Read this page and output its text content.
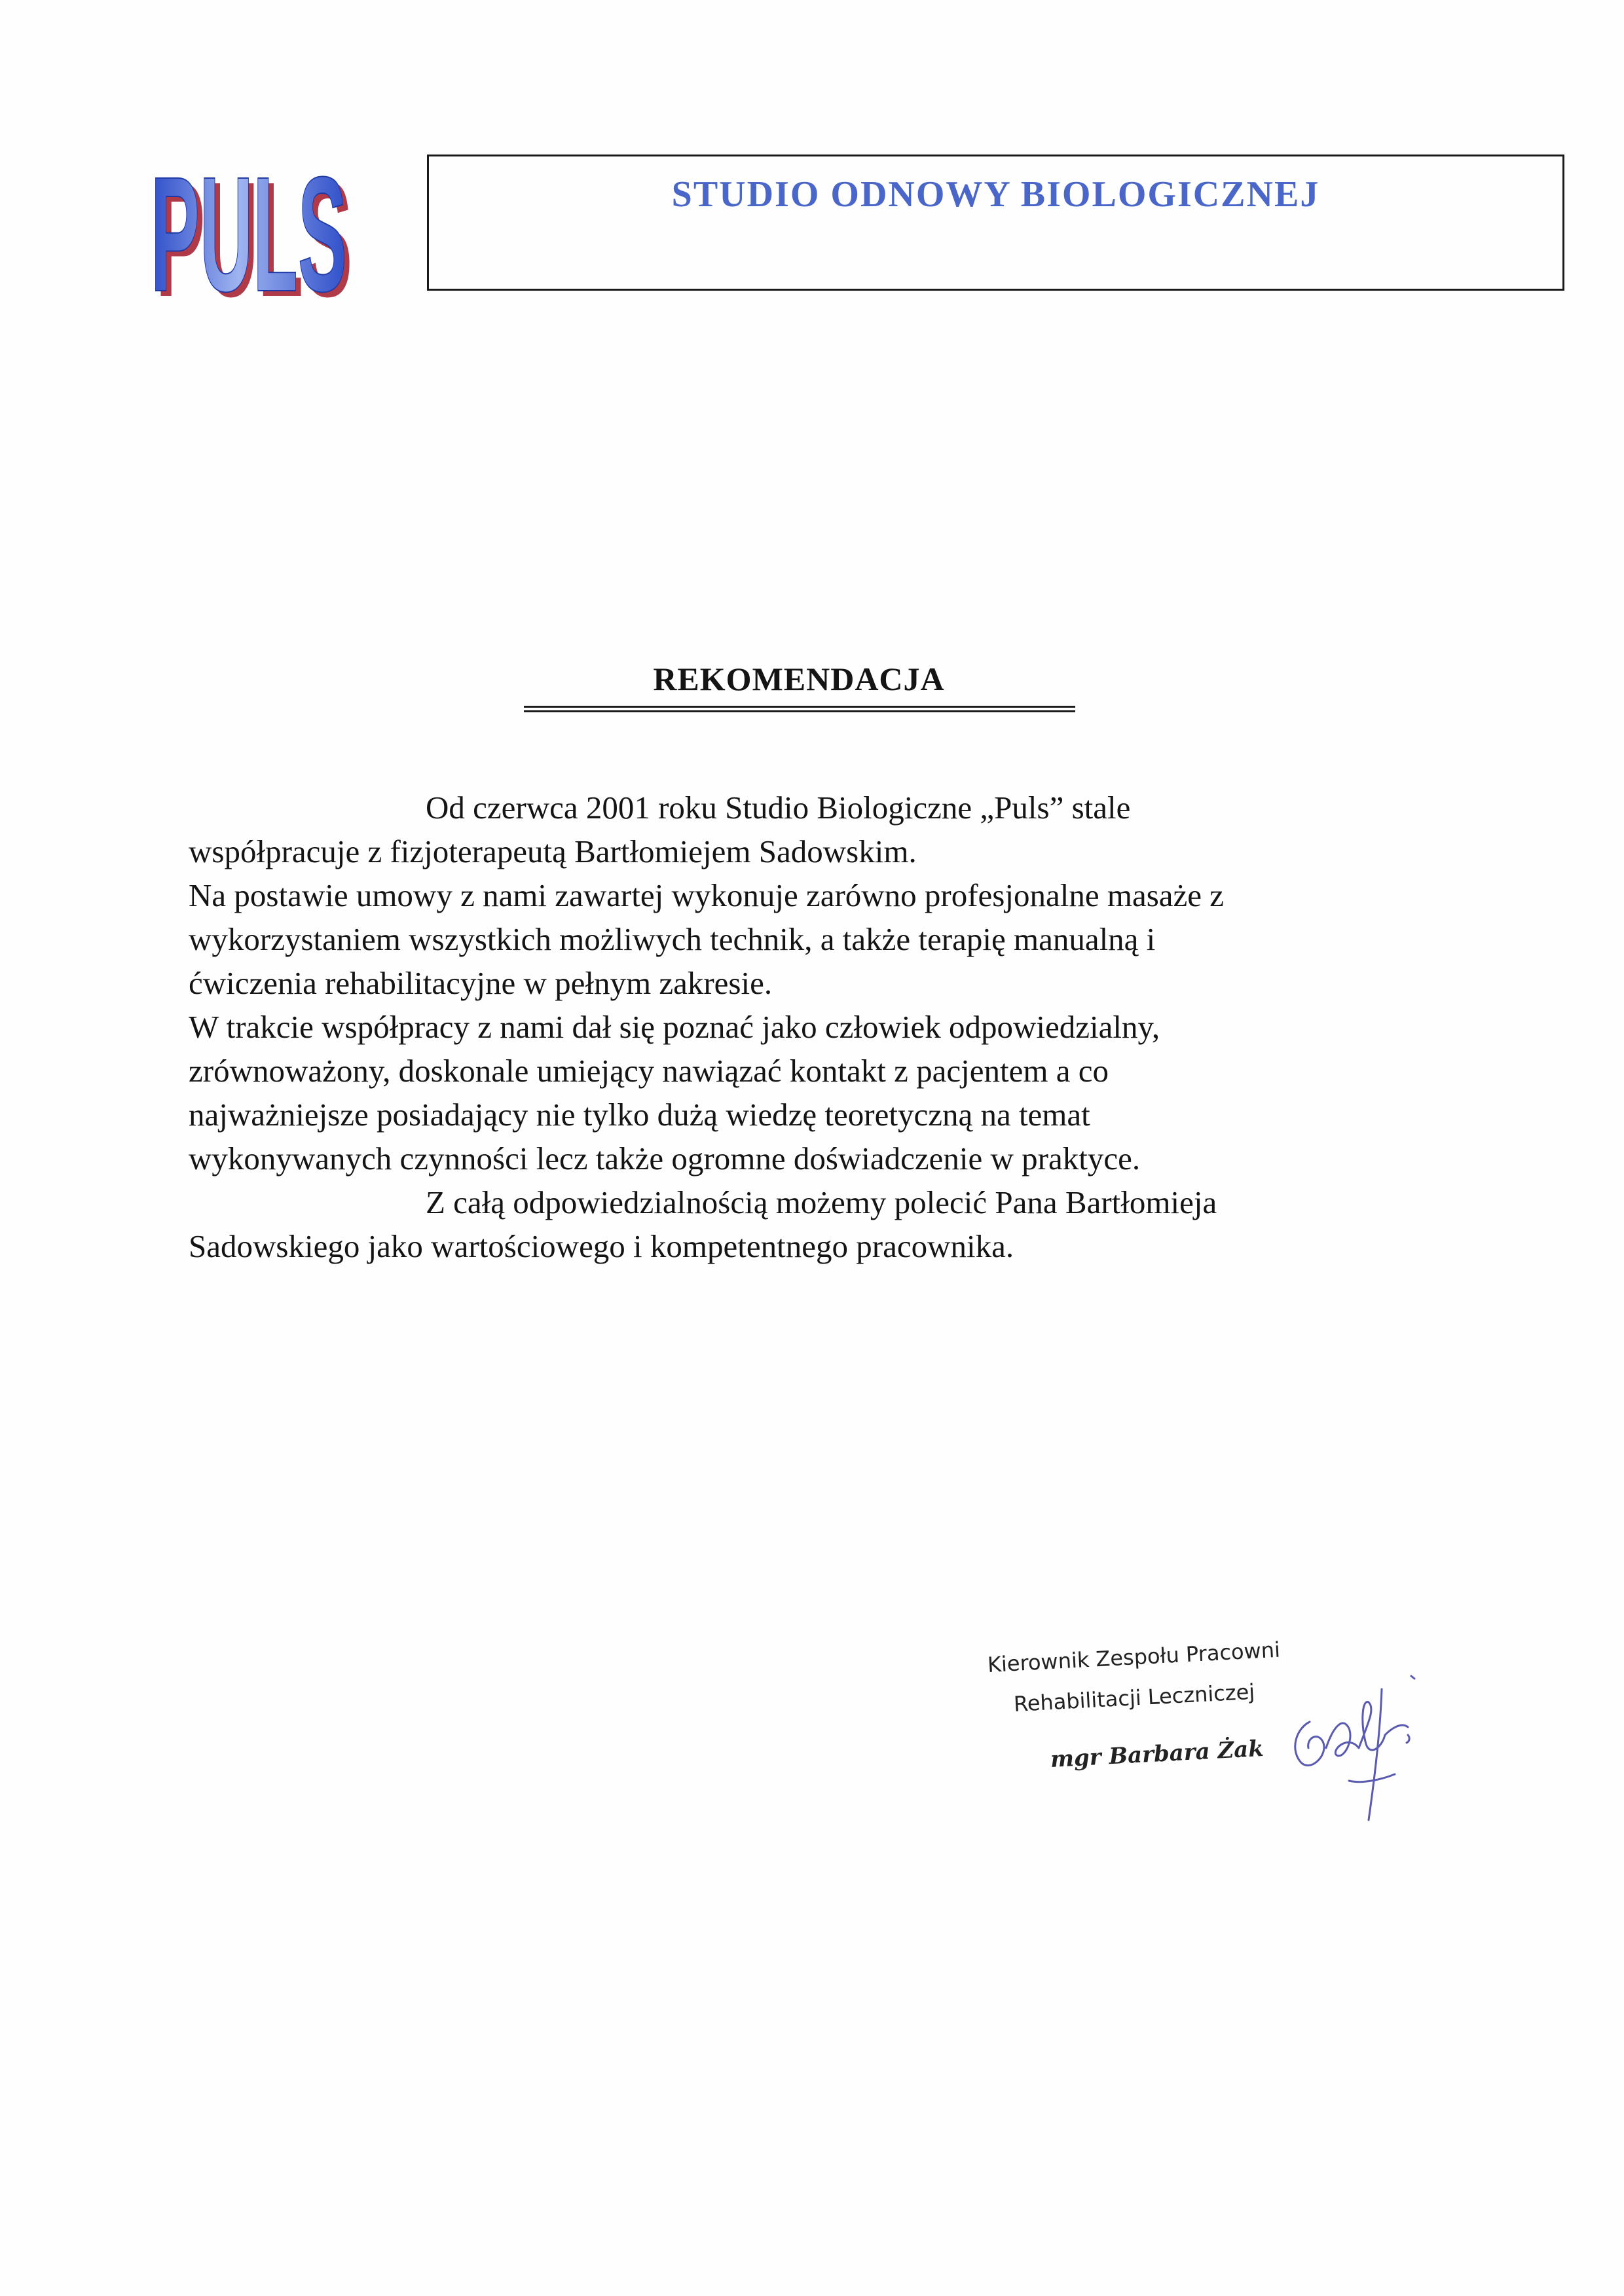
PULS
PULS	STUDIO ODNOWY BIOLOGICZNEJ
REKOMENDACJA
Od czerwca 2001 roku Studio Biologiczne „Puls” stale
współpracuje z fizjoterapeutą Bartłomiejem Sadowskim.
Na postawie umowy z nami zawartej wykonuje zarówno profesjonalne masaże z
wykorzystaniem wszystkich możliwych technik, a także terapię manualną i
ćwiczenia rehabilitacyjne w pełnym zakresie.
W trakcie współpracy z nami dał się poznać jako człowiek odpowiedzialny,
zrównoważony, doskonale umiejący nawiązać kontakt z pacjentem a co
najważniejsze posiadający nie tylko dużą wiedzę teoretyczną na temat
wykonywanych czynności lecz także ogromne doświadczenie w praktyce.
Z całą odpowiedzialnością możemy polecić Pana Bartłomieja
Sadowskiego jako wartościowego i kompetentnego pracownika.
Kierownik Zespołu Pracowni
Rehabilitacji Leczniczej
mgr Barbara Żak
